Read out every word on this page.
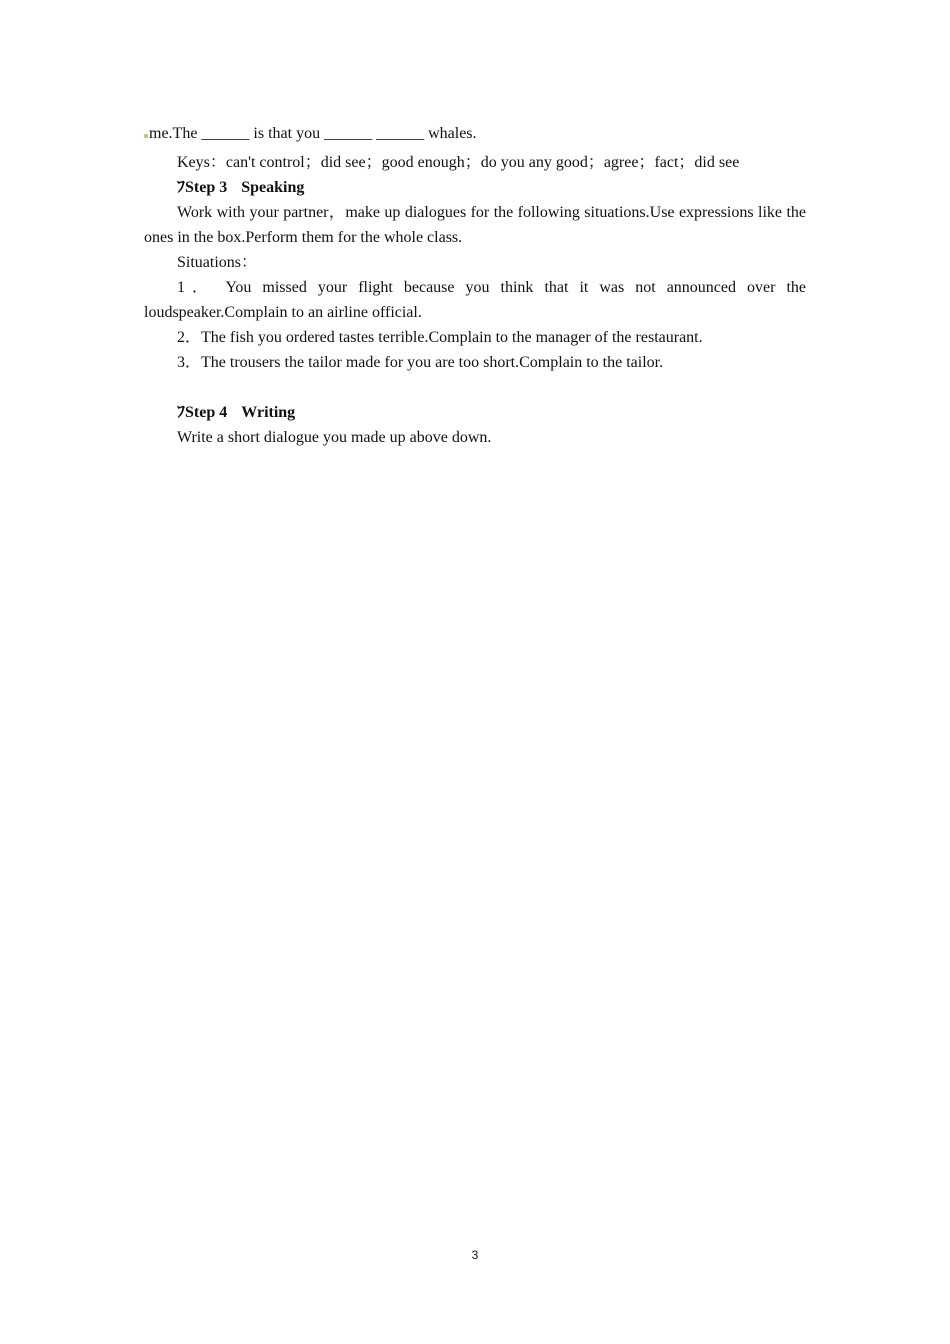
me.The ______ is that you ______ ______ whales.

Keys：can't control；did see；good enough；do you any good；agree；fact；did see

ﾌStep 3 Speaking

Work with your partner，make up dialogues for the following situations.Use expressions like the ones in the box.Perform them for the whole class.

Situations：

1． You missed your flight because you think that it was not announced over the loudspeaker.Complain to an airline official.

2．The fish you ordered tastes terrible.Complain to the manager of the restaurant.

3．The trousers the tailor made for you are too short.Complain to the tailor.

ﾌStep 4 Writing

Write a short dialogue you made up above down.

3
